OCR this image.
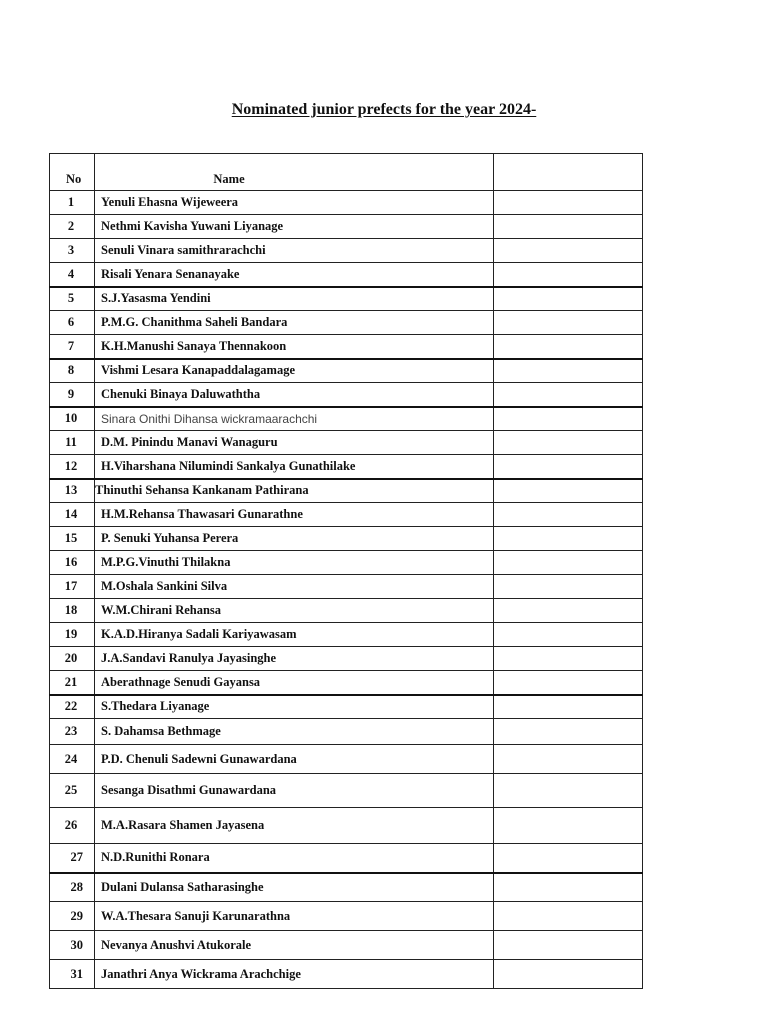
Nominated junior prefects for the year 2024-
No	Name	
1	Yenuli Ehasna Wijeweera	
2	Nethmi Kavisha Yuwani Liyanage	
3	Senuli Vinara samithrarachchi	
4	Risali Yenara Senanayake	
5	S.J.Yasasma Yendini	
6	P.M.G. Chanithma Saheli Bandara	
7	K.H.Manushi Sanaya Thennakoon	
8	Vishmi Lesara Kanapaddalagamage	
9	Chenuki Binaya Daluwaththa	
10	Sinara Onithi Dihansa wickramaarachchi	
11	D.M. Pinindu Manavi Wanaguru	
12	H.Viharshana Nilumindi Sankalya Gunathilake	
13	Thinuthi Sehansa Kankanam Pathirana	
14	H.M.Rehansa Thawasari Gunarathne	
15	P. Senuki Yuhansa Perera	
16	M.P.G.Vinuthi Thilakna	
17	M.Oshala Sankini Silva	
18	W.M.Chirani Rehansa	
19	K.A.D.Hiranya Sadali Kariyawasam	
20	J.A.Sandavi Ranulya Jayasinghe	
21	Aberathnage Senudi Gayansa	
22	S.Thedara Liyanage	
23	S. Dahamsa Bethmage	
24	P.D. Chenuli Sadewni Gunawardana	
25	Sesanga Disathmi Gunawardana	
26	M.A.Rasara Shamen Jayasena	
27	N.D.Runithi Ronara	
28	Dulani Dulansa Satharasinghe	
29	W.A.Thesara Sanuji Karunarathna	
30	Nevanya Anushvi Atukorale	
31	Janathri Anya Wickrama Arachchige	
